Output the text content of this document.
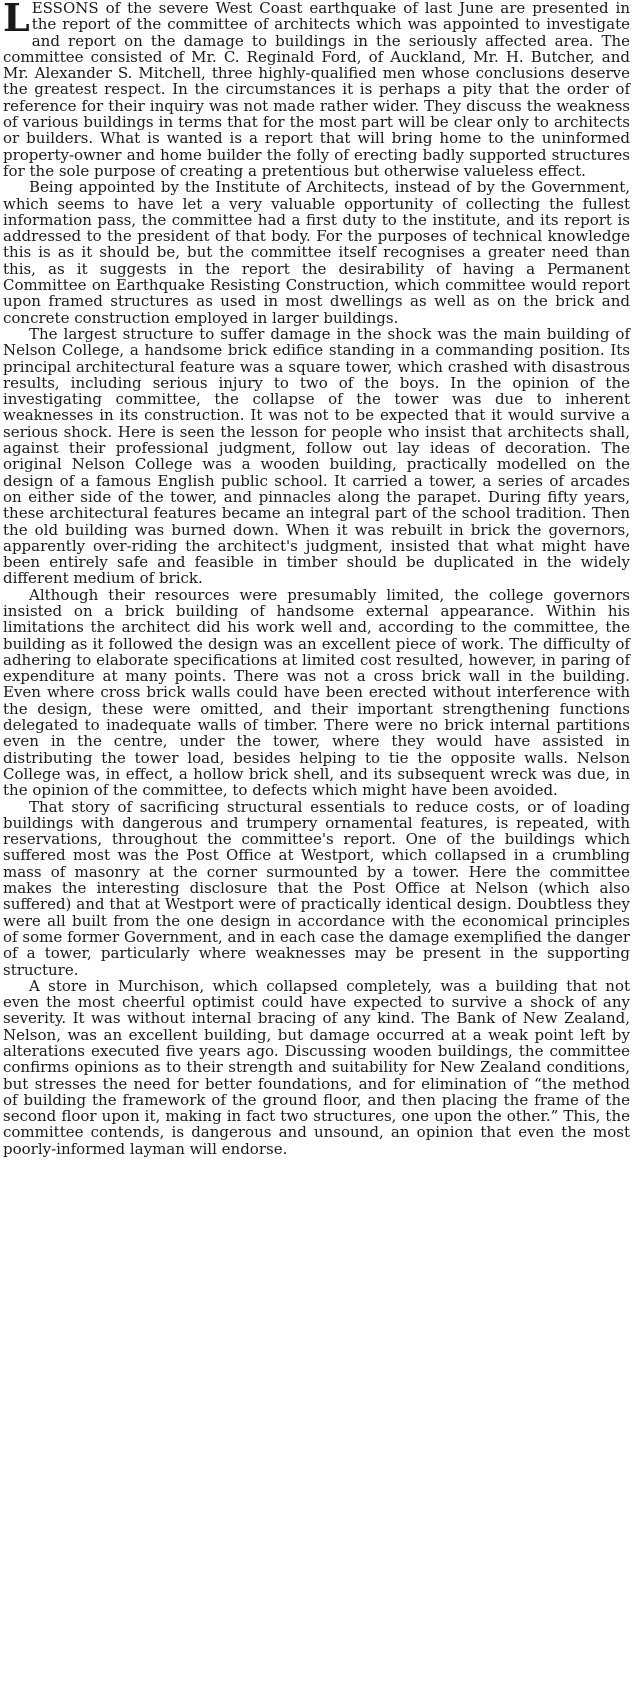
LESSONS of the severe West Coast earthquake of last June are presented in the report of the committee of architects which was appointed to investigate and report on the damage to buildings in the seriously affected area. The committee consisted of Mr. C. Reginald Ford, of Auckland, Mr. H. Butcher, and Mr. Alexander S. Mitchell, three highly-qualified men whose conclusions deserve the greatest respect. In the circumstances it is perhaps a pity that the order of reference for their inquiry was not made rather wider. They discuss the weakness of various buildings in terms that for the most part will be clear only to architects or builders. What is wanted is a report that will bring home to the uninformed property-owner and home builder the folly of erecting badly supported structures for the sole purpose of creating a pretentious but otherwise valueless effect.

Being appointed by the Institute of Architects, instead of by the Government, which seems to have let a very valuable opportunity of collecting the fullest information pass, the committee had a first duty to the institute, and its report is addressed to the president of that body. For the purposes of technical knowledge this is as it should be, but the committee itself recognises a greater need than this, as it suggests in the report the desirability of having a Permanent Committee on Earthquake Resisting Construction, which committee would report upon framed structures as used in most dwellings as well as on the brick and concrete construction employed in larger buildings.

The largest structure to suffer damage in the shock was the main building of Nelson College, a handsome brick edifice standing in a commanding position. Its principal architectural feature was a square tower, which crashed with disastrous results, including serious injury to two of the boys. In the opinion of the investigating committee, the collapse of the tower was due to inherent weaknesses in its construction. It was not to be expected that it would survive a serious shock. Here is seen the lesson for people who insist that architects shall, against their professional judgment, follow out lay ideas of decoration. The original Nelson College was a wooden building, practically modelled on the design of a famous English public school. It carried a tower, a series of arcades on either side of the tower, and pinnacles along the parapet. During fifty years, these architectural features became an integral part of the school tradition. Then the old building was burned down. When it was rebuilt in brick the governors, apparently over-riding the architect's judgment, insisted that what might have been entirely safe and feasible in timber should be duplicated in the widely different medium of brick.

Although their resources were presumably limited, the college governors insisted on a brick building of handsome external appearance. Within his limitations the architect did his work well and, according to the committee, the building as it followed the design was an excellent piece of work. The difficulty of adhering to elaborate specifications at limited cost resulted, however, in paring of expenditure at many points. There was not a cross brick wall in the building. Even where cross brick walls could have been erected without interference with the design, these were omitted, and their important strengthening functions delegated to inadequate walls of timber. There were no brick internal partitions even in the centre, under the tower, where they would have assisted in distributing the tower load, besides helping to tie the opposite walls. Nelson College was, in effect, a hollow brick shell, and its subsequent wreck was due, in the opinion of the committee, to defects which might have been avoided.

That story of sacrificing structural essentials to reduce costs, or of loading buildings with dangerous and trumpery ornamental features, is repeated, with reservations, throughout the committee's report. One of the buildings which suffered most was the Post Office at Westport, which collapsed in a crumbling mass of masonry at the corner surmounted by a tower. Here the committee makes the interesting disclosure that the Post Office at Nelson (which also suffered) and that at Westport were of practically identical design. Doubtless they were all built from the one design in accordance with the economical principles of some former Government, and in each case the damage exemplified the danger of a tower, particularly where weaknesses may be present in the supporting structure.

A store in Murchison, which collapsed completely, was a building that not even the most cheerful optimist could have expected to survive a shock of any severity. It was without internal bracing of any kind. The Bank of New Zealand, Nelson, was an excellent building, but damage occurred at a weak point left by alterations executed five years ago. Discussing wooden buildings, the committee confirms opinions as to their strength and suitability for New Zealand conditions, but stresses the need for better foundations, and for elimination of “the method of building the framework of the ground floor, and then placing the frame of the second floor upon it, making in fact two structures, one upon the other.” This, the committee contends, is dangerous and unsound, an opinion that even the most poorly-informed layman will endorse.
